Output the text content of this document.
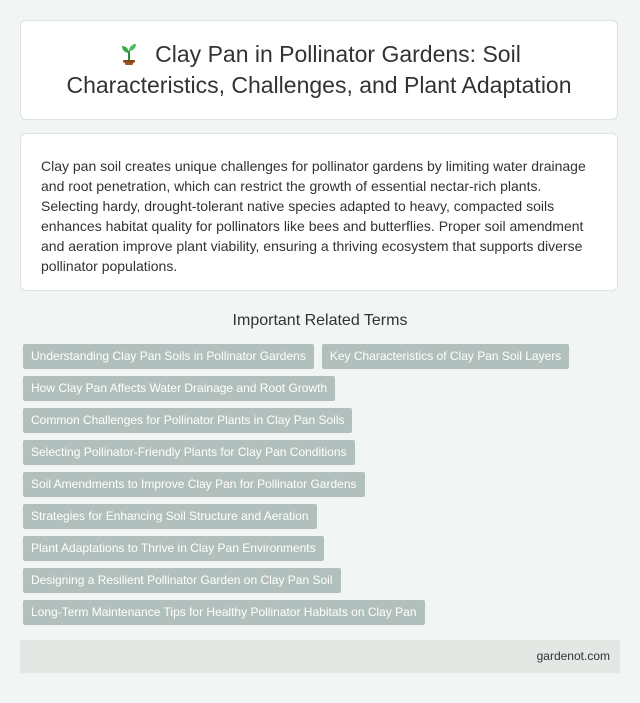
Clay Pan in Pollinator Gardens: Soil Characteristics, Challenges, and Plant Adaptation

Clay pan soil creates unique challenges for pollinator gardens by limiting water drainage and root penetration, which can restrict the growth of essential nectar-rich plants. Selecting hardy, drought-tolerant native species adapted to heavy, compacted soils enhances habitat quality for pollinators like bees and butterflies. Proper soil amendment and aeration improve plant viability, ensuring a thriving ecosystem that supports diverse pollinator populations.

Important Related Terms
Understanding Clay Pan Soils in Pollinator Gardens	Key Characteristics of Clay Pan Soil Layers
How Clay Pan Affects Water Drainage and Root Growth
Common Challenges for Pollinator Plants in Clay Pan Soils
Selecting Pollinator-Friendly Plants for Clay Pan Conditions
Soil Amendments to Improve Clay Pan for Pollinator Gardens
Strategies for Enhancing Soil Structure and Aeration
Plant Adaptations to Thrive in Clay Pan Environments
Designing a Resilient Pollinator Garden on Clay Pan Soil
Long-Term Maintenance Tips for Healthy Pollinator Habitats on Clay Pan
gardenot.com
